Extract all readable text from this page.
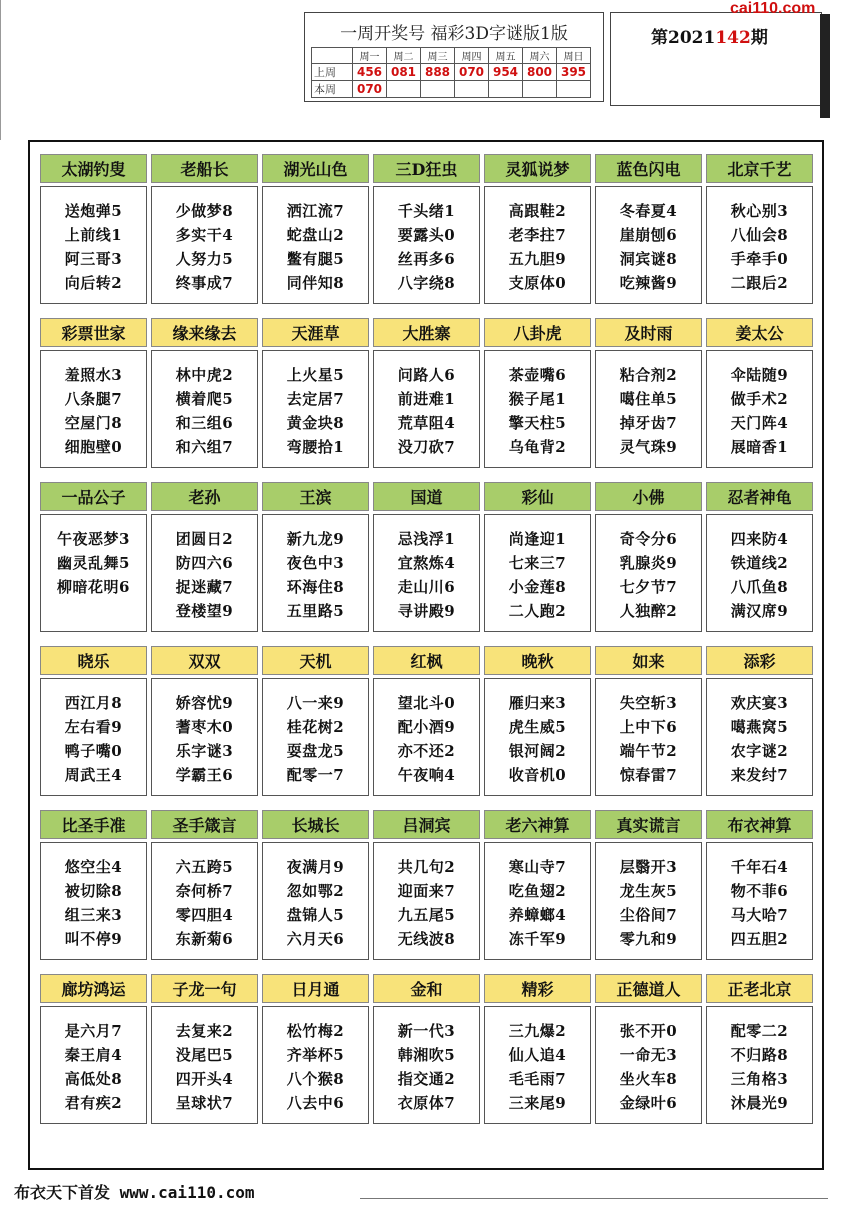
一周开奖号 福彩3D字谜版1版
	周一	周二	周三	周四	周五	周六	周日
上周	456	081	888	070	954	800	395
本周	070						
第2021142期
cai110.com
太湖钓叟
送炮弹5
上前线1
阿三哥3
向后转2
老船长
少做梦8
多实干4
人努力5
终事成7
湖光山色
洒江流7
蛇盘山2
鳖有腿5
同伴知8
三D狂虫
千头绪1
要露头0
丝再多6
八字绕8
灵狐说梦
高跟鞋2
老李拄7
五九胆9
支原体0
蓝色闪电
冬春夏4
崖崩刨6
洞宾谜8
吃辣酱9
北京千艺
秋心别3
八仙会8
手牵手0
二跟后2
彩票世家
羞照水3
八条腿7
空屋门8
细胞壁0
缘来缘去
林中虎2
横着爬5
和三组6
和六组7
天涯草
上火星5
去定居7
黄金块8
弯腰拾1
大胜寨
问路人6
前进难1
荒草阻4
没刀砍7
八卦虎
茶壶嘴6
猴子尾1
擎天柱5
乌龟背2
及时雨
粘合剂2
噶住单5
掉牙齿7
灵气珠9
姜太公
伞陆随9
做手术2
天门阵4
展暗香1
一品公子
午夜恶梦3
幽灵乱舞5
柳暗花明6
老孙
团圆日2
防四六6
捉迷藏7
登楼望9
王滨
新九龙9
夜色中3
环海住8
五里路5
国道
忌浅浮1
宜熬炼4
走山川6
寻讲殿9
彩仙
尚逢迎1
七来三7
小金莲8
二人跑2
小佛
奇令分6
乳腺炎9
七夕节7
人独醉2
忍者神龟
四来防4
铁道线2
八爪鱼8
满汉席9
晓乐
西江月8
左右看9
鸭子嘴0
周武王4
双双
娇容忧9
蓍枣木0
乐字谜3
学霸王6
天机
八一来9
桂花树2
耍盘龙5
配零一7
红枫
望北斗0
配小酒9
亦不还2
午夜响4
晚秋
雁归来3
虎生威5
银河阔2
收音机0
如来
失空斩3
上中下6
端午节2
惊春雷7
添彩
欢庆宴3
噶燕窝5
农字谜2
来发纣7
比圣手准
悠空尘4
被切除8
组三来3
叫不停9
圣手箴言
六五跨5
奈何桥7
零四胆4
东新菊6
长城长
夜满月9
忽如鄂2
盘锦人5
六月天6
吕洞宾
共几句2
迎面来7
九五尾5
无线波8
老六神算
寒山寺7
吃鱼翅2
养蟑螂4
冻千军9
真实谎言
层翳开3
龙生灰5
尘俗间7
零九和9
布衣神算
千年石4
物不菲6
马大哈7
四五胆2
廊坊鸿运
是六月7
秦王肩4
高低处8
君有疾2
子龙一句
去复来2
没尾巴5
四开头4
呈球状7
日月通
松竹梅2
齐举杯5
八个猴8
八去中6
金和
新一代3
韩湘吹5
指交通2
衣原体7
精彩
三九爆2
仙人追4
毛毛雨7
三来尾9
正德道人
张不开0
一命无3
坐火车8
金绿叶6
正老北京
配零二2
不归路8
三角格3
沐晨光9
布衣天下首发 www.cai110.com
